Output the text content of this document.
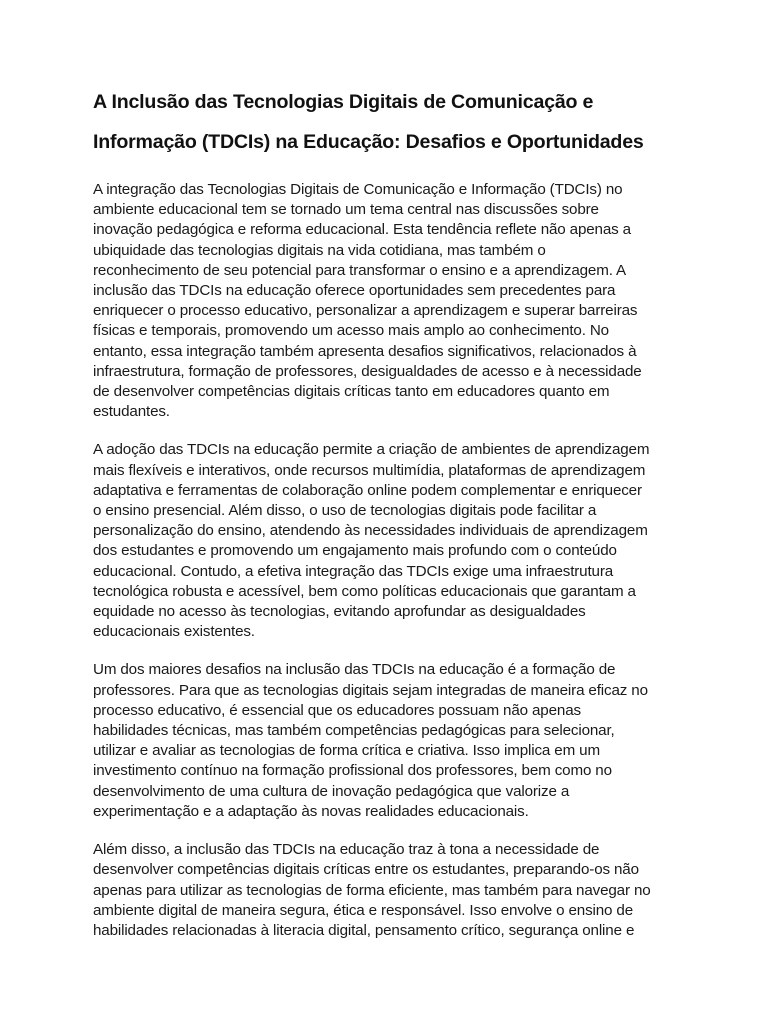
A Inclusão das Tecnologias Digitais de Comunicação e
Informação (TDCIs) na Educação: Desafios e Oportunidades

A integração das Tecnologias Digitais de Comunicação e Informação (TDCIs) no
ambiente educacional tem se tornado um tema central nas discussões sobre
inovação pedagógica e reforma educacional. Esta tendência reflete não apenas a
ubiquidade das tecnologias digitais na vida cotidiana, mas também o
reconhecimento de seu potencial para transformar o ensino e a aprendizagem. A
inclusão das TDCIs na educação oferece oportunidades sem precedentes para
enriquecer o processo educativo, personalizar a aprendizagem e superar barreiras
físicas e temporais, promovendo um acesso mais amplo ao conhecimento. No
entanto, essa integração também apresenta desafios significativos, relacionados à
infraestrutura, formação de professores, desigualdades de acesso e à necessidade
de desenvolver competências digitais críticas tanto em educadores quanto em
estudantes.

A adoção das TDCIs na educação permite a criação de ambientes de aprendizagem
mais flexíveis e interativos, onde recursos multimídia, plataformas de aprendizagem
adaptativa e ferramentas de colaboração online podem complementar e enriquecer
o ensino presencial. Além disso, o uso de tecnologias digitais pode facilitar a
personalização do ensino, atendendo às necessidades individuais de aprendizagem
dos estudantes e promovendo um engajamento mais profundo com o conteúdo
educacional. Contudo, a efetiva integração das TDCIs exige uma infraestrutura
tecnológica robusta e acessível, bem como políticas educacionais que garantam a
equidade no acesso às tecnologias, evitando aprofundar as desigualdades
educacionais existentes.

Um dos maiores desafios na inclusão das TDCIs na educação é a formação de
professores. Para que as tecnologias digitais sejam integradas de maneira eficaz no
processo educativo, é essencial que os educadores possuam não apenas
habilidades técnicas, mas também competências pedagógicas para selecionar,
utilizar e avaliar as tecnologias de forma crítica e criativa. Isso implica em um
investimento contínuo na formação profissional dos professores, bem como no
desenvolvimento de uma cultura de inovação pedagógica que valorize a
experimentação e a adaptação às novas realidades educacionais.

Além disso, a inclusão das TDCIs na educação traz à tona a necessidade de
desenvolver competências digitais críticas entre os estudantes, preparando-os não
apenas para utilizar as tecnologias de forma eficiente, mas também para navegar no
ambiente digital de maneira segura, ética e responsável. Isso envolve o ensino de
habilidades relacionadas à literacia digital, pensamento crítico, segurança online e
